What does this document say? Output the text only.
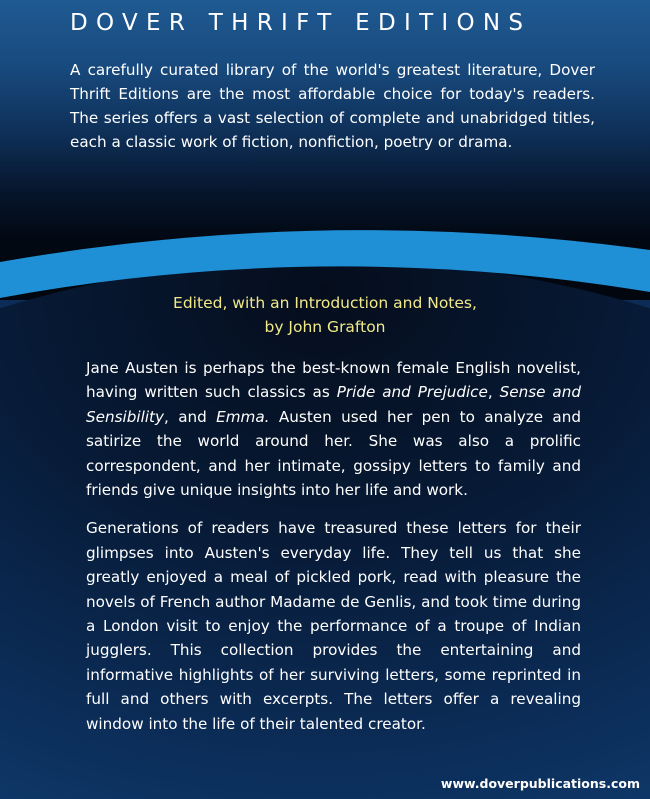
DOVER THRIFT EDITIONS
A carefully curated library of the world's greatest literature, Dover Thrift Editions are the most affordable choice for today's readers. The series offers a vast selection of complete and unabridged titles, each a classic work of fiction, nonfiction, poetry or drama.
Edited, with an Introduction and Notes,
by John Grafton

Jane Austen is perhaps the best-known female English novelist, having written such classics as Pride and Prejudice, Sense and Sensibility, and Emma. Austen used her pen to analyze and satirize the world around her. She was also a prolific correspondent, and her intimate, gossipy letters to family and friends give unique insights into her life and work.

Generations of readers have treasured these letters for their glimpses into Austen's everyday life. They tell us that she greatly enjoyed a meal of pickled pork, read with pleasure the novels of French author Madame de Genlis, and took time during a London visit to enjoy the performance of a troupe of Indian jugglers. This collection provides the entertaining and informative highlights of her surviving letters, some reprinted in full and others with excerpts. The letters offer a revealing window into the life of their talented creator.

www.doverpublications.com
